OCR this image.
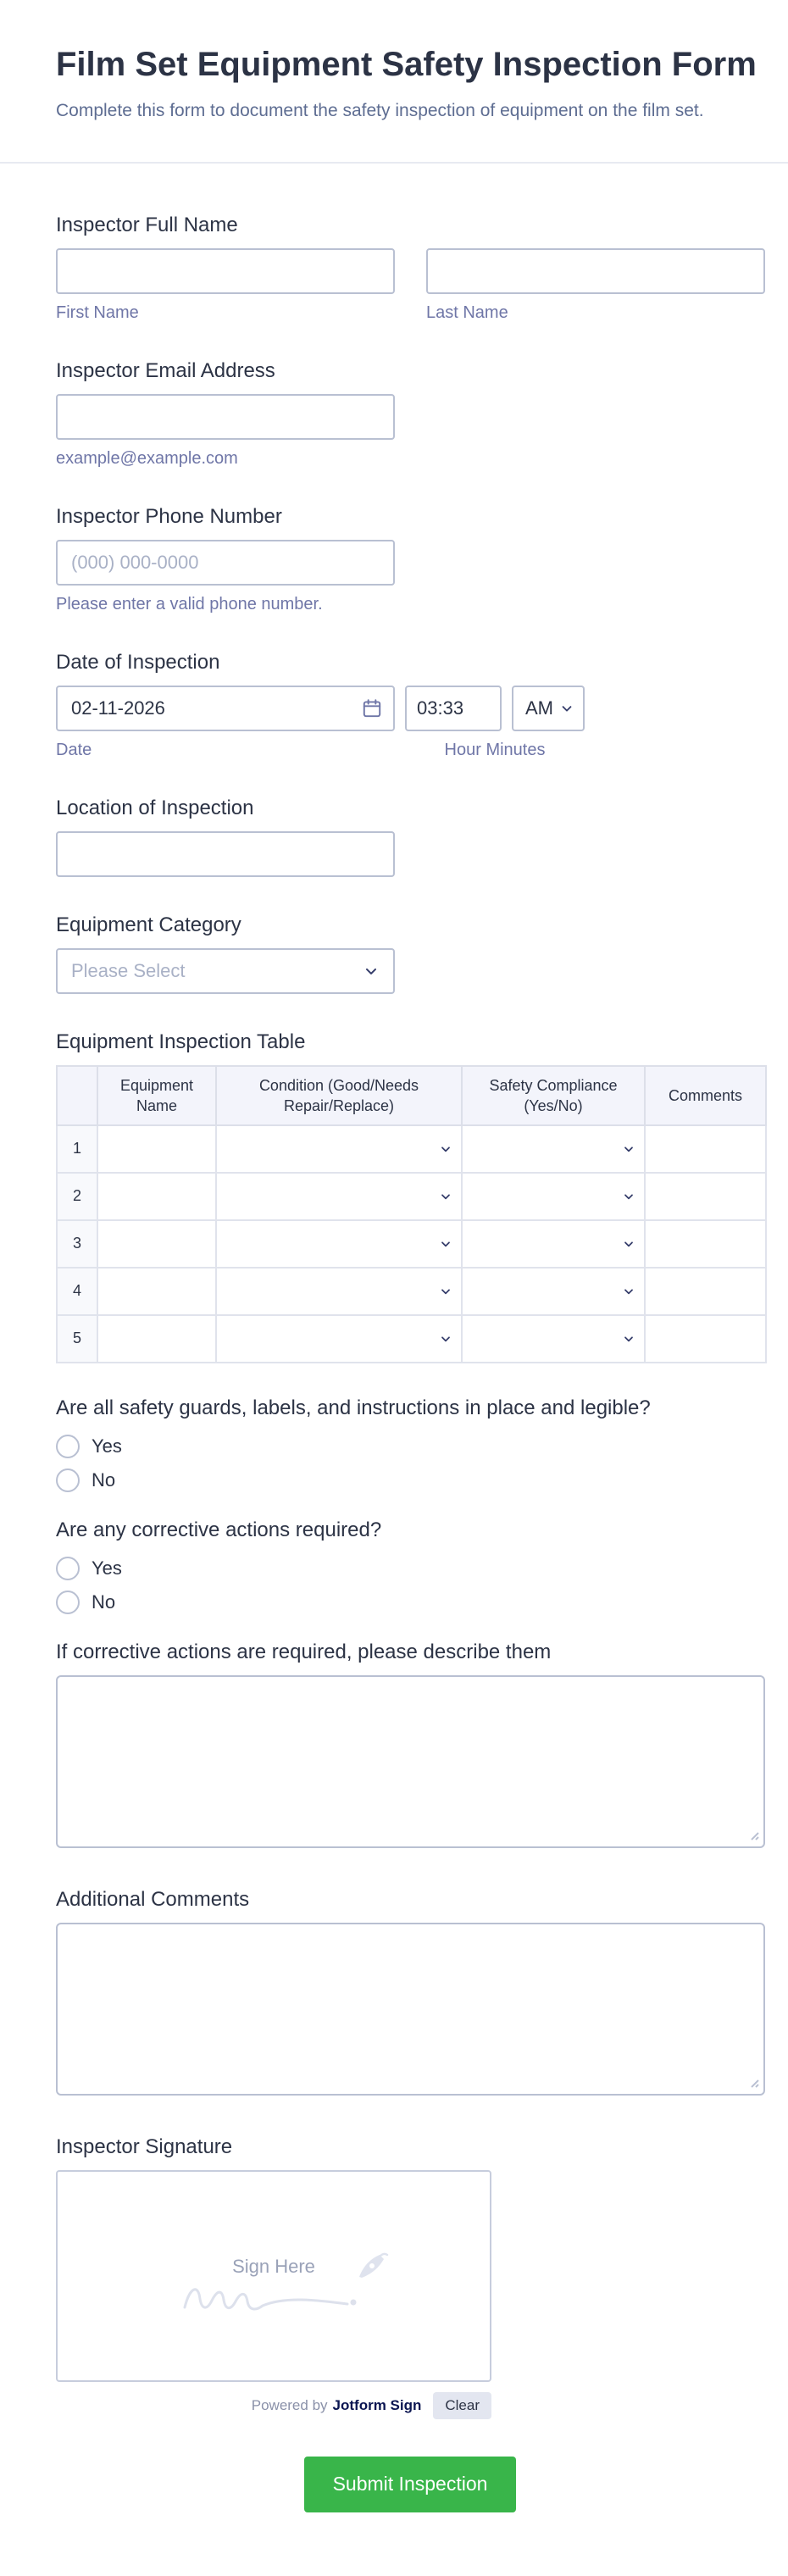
Film Set Equipment Safety Inspection Form

Complete this form to document the safety inspection of equipment on the film set.

Inspector Full Name
First Name	Last Name
Inspector Email Address
example@example.com
Inspector Phone Number
(000) 000-0000
Please enter a valid phone number.
Date of Inspection
02-11-2026
03:33
AM
Date	Hour Minutes
Location of Inspection
Equipment Category
Please Select
Equipment Inspection Table
	Equipment Name	Condition (Good/Needs Repair/Replace)	Safety Compliance (Yes/No)	Comments
1		

2		

3		

4		

5		

Are all safety guards, labels, and instructions in place and legible?
Yes
No
Are any corrective actions required?
Yes
No
If corrective actions are required, please describe them
Additional Comments
Inspector Signature
Sign Here
Powered by Jotform Sign	Clear
Submit Inspection
